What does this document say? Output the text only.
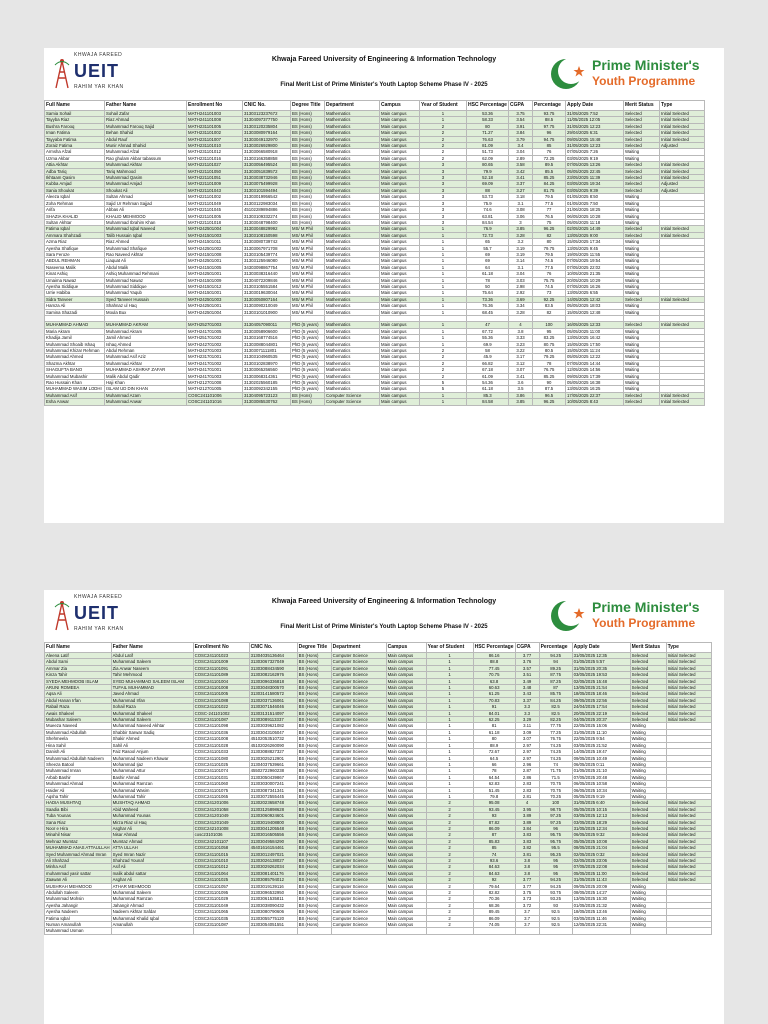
KHWAJA FAREED
UEIT
RAHIM YAR KHAN
Khwaja Fareed University of Engineering & Information Technology
Final Merit List of Prime Minister's Youth Laptop Scheme Phase IV - 2025
Prime Minister's
Youth Programme
Full Name	Father Name	Enrollment No	CNIC No.	Degree Title	Department	Campus	Year of Student	HSC Percentage	CGPA	Percentage	Apply Date	Merit Status	Type
Samia Sohail	Sohail Zafar	MATH241101003	31303123237672	BS (Hons)	Mathematics	Main campus	1	53.36	3.75	93.75	31/05/2025 7:52	Selected	Initial Selected
Tayyba Riaz	Riaz Ahmad	MATH241101008	31304097377750	BS (Hons)	Mathematics	Main campus	1	58.33	3.54	88.5	11/05/2025 12:05	Selected	Initial Selected
Bushra Farooq	Muhammad Farooq Sajid	MATH231101005	31303120235804	BS (Hons)	Mathematics	Main campus	2	80	3.91	97.75	31/05/2025 12:23	Selected	Initial Selected
Iman Fatima	Behan Shahid	MATH231101002	31303080979164	BS (Hons)	Mathematics	Main campus	2	71.27	3.84	96	29/04/2025 6:31	Selected	Initial Selected
Tayyaba Fatima	Abdul Rauf	MATH231101007	31303049132970	BS (Hons)	Mathematics	Main campus	2	76.63	3.79	94.75	09/05/2025 15:48	Selected	Initial Selected
Zoraiz Fatima	Munir Ahmad Shahid	MATH231101010	31303026929800	BS (Hons)	Mathematics	Main campus	2	81.09	3.4	85	31/05/2025 12:23	Selected	Adjusted
Armsha Afzal	Muhammad Afzal	MATH231101012	31303066580918	BS (Hons)	Mathematics	Main campus	2	51.73	3.04	76	07/05/2025 7:26	Waiting	
Uzma Akbar	Rao ghulam Akbar tabassum	MATH231101016	31303166358858	BS (Hons)	Mathematics	Main campus	2	62.09	2.89	72.25	03/05/2025 9:19	Waiting	
Attia Akhtar	Muhammad Akhtar	MATH221101027	31303056495524	BS (Hons)	Mathematics	Main campus	3	80.65	3.58	89.5	07/05/2025 13:26	Selected	Initial Selected
Adba Tariq	Tariq Mahmood	MATH221101050	31303051839572	BS (Hons)	Mathematics	Main campus	3	79.9	3.42	85.5	05/05/2025 22:45	Selected	Initial Selected
Ikhtaam Qasim	Muhammad Qasim	MATH221101051	31303038732946	BS (Hons)	Mathematics	Main campus	3	52.18	3.41	85.25	23/05/2025 11:39	Selected	Initial Selected
Kubba Amjad	Muhammad Amjad	MATH221101009	31303075499928	BS (Hons)	Mathematics	Main campus	3	69.09	3.37	84.25	03/05/2025 19:34	Selected	Adjusted
Sania Shoukat	Shoukat Ali	MATH221101043	31303101594494	BS (Hons)	Mathematics	Main campus	3	88	3.27	81.75	03/05/2025 9:39	Selected	Adjusted
Aleeza Iqbal	Sultan Ahmad	MATH221101002	31303019956542	BS (Hons)	Mathematics	Main campus	3	53.73	3.18	79.5	01/05/2025 8:50	Waiting	
Zoha Rehman	Sajid Ur Rehman Sajjad	MATH221101049	31303122983034	BS (Hons)	Mathematics	Main campus	3	75.9	3.1	77.5	01/05/2025 7:50	Waiting	
Arifa	Abbas Ali	MATH221101045	45102289894886	BS (Hons)	Mathematics	Main campus	3	74.6	3.08	77	21/06/2025 18:25	Waiting	
SHAZIA KHALID	KHALID MEHMOOD	MATH221101005	31303109332274	BS (Hons)	Mathematics	Main campus	3	63.81	3.06	76.5	06/05/2025 10:28	Waiting	
Sultan Akhtar	Muhammad Ibrahim Khan	MATH221101018	31303048798400	BS (Hons)	Mathematics	Main campus	3	84.54	3	75	05/05/2025 11:18	Waiting	
Fatima Iqbal	Muhammad Iqbal Naveed	MATH242501004	31303048829992	MS/ M.Phil	Mathematics	Main campus	1	76.9	3.85	96.25	02/05/2025 14:49	Selected	Initial Selected
Ammara Shahzadi	Talib Hussain Iqbal	MATH241501003	31303108150598	MS/ M.Phil	Mathematics	Main campus	1	72.73	3.28	82	13/05/2025 9:00	Selected	Initial Selected
Azma Riaz	Riaz Ahmed	MATH241501011	31303080739742	MS/ M.Phil	Mathematics	Main campus	1	65	3.2	80	15/05/2025 17:34	Waiting	
Ayesha Shafique	Muhammad Shafique	MATH242501002	31303067971708	MS/ M.Phil	Mathematics	Main campus	1	55.7	3.19	79.75	13/05/2025 9:45	Waiting	
Sara Feroze	Rao Naveed Akhtar	MATH241501008	31303105439774	MS/ M.Phil	Mathematics	Main campus	1	69	3.19	79.5	19/05/2025 11:55	Waiting	
ABDUL REHMAN	Liaquat Ali	MATH242501001	31303125946080	MS/ M.Phil	Mathematics	Main campus	1	69	3.14	74.5	07/05/2025 19:54	Waiting	
Naseema Malik	Abdul Malik	MATH241501005	34303098867754	MS/ M.Phil	Mathematics	Main campus	1	64	3.1	77.5	07/05/2025 22:02	Waiting	
Kinat Ashiq	Ashiq Muhammad Rehmani	MATH242501001	31303038316440	MS/ M.Phil	Mathematics	Main campus	1	61.18	3.04	76	10/05/2025 21:35	Waiting	
Umaima Nawaz	Muhammad Nawaz	MATH241501009	31304072209846	MS/ M.Phil	Mathematics	Main campus	1	78	3.03	75.75	20/05/2025 10:29	Waiting	
Ayesha Siddique	Muhammad Siddique	MATH241501012	31303105551584	MS/ M.Phil	Mathematics	Main campus	1	50	2.98	74.5	07/05/2025 16:26	Waiting	
Urrie Habiba	Muhammad Yaqub	MATH241501001	31303019630044	MS/ M.Phil	Mathematics	Main campus	1	75.64	2.92	73	13/05/2025 6:55	Waiting	
Sidra Tanveer	Syed Tanveer Hussain	MATH242501003	31303050807164	MS/ M.Phil	Mathematics	Main campus	1	73.36	3.69	92.25	14/05/2025 12:42	Selected	Initial Selected
Hamza Ali	Shahnaz ul Haq	MATH242501001	31303090210049	MS/ M.Phil	Mathematics	Main campus	1	76.36	3.34	83.5	05/05/2025 18:03	Waiting	
Samina Shazadi	Moula Bux	MATH242501004	31303101010900	MS/ M.Phil	Mathematics	Main campus	1	68.45	3.28	82	15/05/2025 12:48	Waiting	

MUHAMMAD AHMAD	MUHAMMAD AKRAM	MATH252701003	31304057090011	PhD (5 years)	Mathematics	Main campus	1	47	4	100	16/05/2025 12:33	Selected	Initial Selected
Maria Akram	Muhammad Akram	MATH241701005	31303058906600	PhD (5 years)	Mathematics	Main campus	1	67.72	3.8	95	05/05/2025 11:00	Waiting	
Khadija Jamil	Jamil Ahmed	MATH251701002	31303168774516	PhD (5 years)	Mathematics	Main campus	1	55.36	3.33	83.25	13/05/2025 16:42	Waiting	
Muhammad Shoaib Ishaq	Ishaq Ahmed	MATH242701002	31303088044801	PhD (5 years)	Mathematics	Main campus	1	69.9	3.23	80.75	15/05/2025 17:50	Waiting	
Muhammad Khizar Rehman	Abdul Rehman	MATH242701003	31303071111801	PhD (5 years)	Mathematics	Main campus	2	58	3.22	80.5	15/05/2025 11:24	Waiting	
Muhammad Ahmed	Muhammad Asif Aziz	MATH231701001	31303104960535	PhD (5 years)	Mathematics	Main campus	2	45.9	3.17	79.25	05/05/2025 12:22	Waiting	
Shazma Akhtar	Muhammad Akhtar	MATH241701002	31303102838970	PhD (5 years)	Mathematics	Main campus	2	66.82	3.12	78	07/05/2025 14:44	Waiting	
SHAGUFTA BANO	MUHAMMAD ASHRAF ZAFAR	MATH241701001	31303065256560	PhD (5 years)	Mathematics	Main campus	2	67.18	3.07	76.75	12/05/2025 14:56	Waiting	
Muhammad Mubashir	Malik Abdul Qadir	MATH241701003	31303068314361	PhD (5 years)	Mathematics	Main campus	2	61.09	3.41	85.25	09/05/2025 17:39	Waiting	
Rao Hussain Khan	Haji Khan	MATH212701008	31302025560185	PhD (5 years)	Mathematics	Main campus	5	54.36	3.6	90	05/05/2025 16:38	Waiting	
MUHAMMAD WASIM LODHI	ISLAM UD DIN KHAN	MATH212701005	31303092342155	PhD (5 years)	Mathematics	Main campus	5	61.18	3.5	87.5	13/05/2025 16:25	Waiting	
Muhammad Asif	Muhammad Azam	COSC241101006	31304095723123	BS (Hons)	Computer Science	Main campus	1	85.3	3.86	96.5	17/05/2025 22:37	Selected	Initial Selected
Esha Anwar	Muhammad Anwar	COSC241101016	31303085530762	BS (Hons)	Computer Science	Main campus	1	84.58	3.85	96.25	10/05/2025 8:43	Selected	Initial Selected
KHWAJA FAREED
UEIT
RAHIM YAR KHAN
Khwaja Fareed University of Engineering & Information Technology
Final Merit List of Prime Minister's Youth Laptop Scheme Phase IV - 2025
Prime Minister's
Youth Programme
Full Name	Father Name	Enrollment No	CNIC No.	Degree Title	Department	Campus	Year of Student	HSC Percentage	CGPA	Percentage	Apply Date	Merit Status	Type
Aleena Latif	Abdul Latif	COSC241101023	31304035136464	BS (Hons)	Computer Science	Main campus	1	86.16	3.77	94.25	31/05/2025 12:35	Selected	Initial Selected
Abdul Sami	Muhammad Saleem	COSC241101009	31303067327049	BS (Hons)	Computer Science	Main campus	1	88.8	3.76	94	01/05/2025 5:57	Selected	Initial Selected
Ammar Zia	Zia Anwar Naseem	COSC241101091	31303088434590	BS (Hons)	Computer Science	Main campus	1	77.45	3.57	89.25	31/05/2025 20:35	Selected	Initial Selected
Kinza Tahir	Tahir Mehmood	COSC241101089	31303082162976	BS (Hons)	Computer Science	Main campus	1	70.75	3.51	87.75	03/05/2025 19:53	Selected	Initial Selected
SYEDA MEHMOOB ISLAM	SYED MUHAMMAD SALEEM ISLAM	COSC241101004	31303096336818	BS (Hons)	Computer Science	Main campus	1	63.8	3.49	87.25	02/05/2025 15:48	Selected	Initial Selected
ARUNI ROMEEA	TUFAIL MUHAMMAD	COSC241101008	31303048300570	BS (Hons)	Computer Science	Main campus	1	60.63	3.48	87	13/05/2025 21:54	Selected	Initial Selected
Aqsa Ali	Javed Ahmad	COSC241101005	31303141580572	BS (Hons)	Computer Science	Main campus	1	61.25	3.43	85.75	18/05/2025 18:46	Selected	Initial Selected
Abdul Hanan Irfan	Muhammad Irfan	COSC241101088	31302037136061	BS (Hons)	Computer Science	Main campus	1	70.83	3.37	84.25	09/05/2025 22:56	Selected	Initial Selected
Rabail Raza	Sohail Raza	COSC241101022	31303071546046	BS (Hons)	Computer Science	Main campus	1	91	3.3	82.5	24/04/2025 17:54	Selected	Initial Selected
Awais Shakeel	Muhammad Shakeel	COSC-241101002	31303131514097	BS (Hons)	Computer Science	Main campus	1	84.01	3.3	82.5	20/05/2025 22:19	Selected	Initial Selected
Mubashar Saleem	Muhammad Saleem	COSC241101087	31303089113337	BS (Hons)	Computer Science	Main campus	1	62.25	3.29	82.25	04/05/2025 20:37	Selected	Initial Selected
Mueeza Naveed	Muhammad Naveed Akhtar	COSC241101098	31303039621082	BS (Hons)	Computer Science	Main campus	1	81	3.11	77.75	22/05/2025 15:06	Waiting	
Muhammad Abdullah	Shabbir Sarwar Sadiq	COSC241101036	31303043105047	BS (Hons)	Computer Science	Main campus	1	61.18	3.09	77.25	31/05/2025 11:10	Waiting	
Shehmeela	Shakir Ahmed	COSC241101008	45102053510732	BS (Hons)	Computer Science	Main campus	1	80	3.07	76.75	22/05/2025 9:54	Waiting	
Hina Sahil	Sahil Ali	COSC241101028	45102026260090	BS (Hons)	Computer Science	Main campus	1	88.9	2.97	74.25	03/05/2025 21:52	Waiting	
Danish Ali	Faiz Rasool Anjum	COSC241101033	31303088827327	BS (Hons)	Computer Science	Main campus	1	72.67	2.97	74.25	14/05/2025 19:47	Waiting	
Muhammad Abdullah Nadeem	Muhammad Nadeem Khawar	COSC241101080	31303025212901	BS (Hons)	Computer Science	Main campus	1	64.5	2.97	74.25	09/05/2025 10:49	Waiting	
Sheeza Batool	Mohammad Ijaz	COSC241101025	31304037539661	BS (Hons)	Computer Science	Main campus	1	66	2.96	74	06/05/2025 0:11	Waiting	
Muhammad Imran	Muhammad Attur	COSC241101074	45502722960238	BS (Hons)	Computer Science	Main campus	1	78	2.87	71.75	01/05/2025 21:10	Waiting	
Arbab Bashir	Bashir Ahmad	COSC241101031	31303050439867	BS (Hons)	Computer Science	Main campus	1	64.54	2.86	71.5	07/05/2025 20:48	Waiting	
Muhammad Ahmad	Muhammad Ramzan	COSC241101060	31303030007241	BS (Hons)	Computer Science	Main campus	1	62.83	2.83	70.75	06/05/2025 10:58	Waiting	
Haider Ali	Muhammad Wasim	COSC241101075	31303087341341	BS (Hons)	Computer Science	Main campus	1	51.45	2.83	70.75	06/05/2025 10:34	Waiting	
Aqsha Tahir	Muhammad Tahir	COSC241101065	31303072555445	BS (Hons)	Computer Science	Main campus	1	79.8	2.81	70.25	05/05/2025 9:19	Waiting	
HADIA MUSHTAQ	MUSHTAQ AHMAD	COSC241201006	31302023658748	BS (Hons)	Computer Science	Main campus	2	95.08	4	100	31/05/2025 6:40	Selected	Initial Selected
Saadia Bibi	Abid Waheed	COSC241201058	31303125898628	BS (Hons)	Computer Science	Main campus	2	93.45	3.95	98.75	05/05/2025 10:15	Selected	Initial Selected
Tuba Younas	Muhammad Younas	COSC241201049	31303060924601	BS (Hons)	Computer Science	Main campus	2	93	3.89	97.25	03/05/2025 12:13	Selected	Initial Selected
Sana Riaz	Mirza Riaz ul Haq	COSC241201049	31303019408800	BS (Hons)	Computer Science	Main campus	2	87.82	3.89	97.25	03/05/2025 18:29	Selected	Initial Selected
Noor e Hira	Asghar Ali	COSC242101008	31303041205548	BS (Hons)	Computer Science	Main campus	2	86.09	3.84	96	31/05/2025 12:34	Selected	Initial Selected
Minahil Nisar	Nisar Ahmad	cosc23101036	31303016505556	BS (Hons)	Computer Science	Main campus	2	87	3.83	95.75	06/05/2025 9:32	Selected	Initial Selected
Mehnaz Mumtaz	Mumtaz Ahmad	COSC242101107	31303049584290	BS (Hons)	Computer Science	Main campus	2	85.83	3.83	95.75	05/05/2025 10:08	Selected	Initial Selected
MUHAMMAD ANAS ATTAULLAH	ATTA ULLAH	COSC231101058	45401616154461	BS (Hons)	Computer Science	Main campus	2	85	3.82	95.5	08/05/2025 21:04	Selected	Initial Selected
Syed Muhammad Ahmad Imran	Syed Imran Nazir	COSC241101015	31303012497021	BS (Hons)	Computer Science	Main campus	2	74	3.81	95.25	02/05/2025 0:32	Selected	Initial Selected
Ali Shahzad	Shahzad Younaf	COSC241101010	31303026138027	BS (Hons)	Computer Science	Main campus	2	93.6	3.8	95	02/05/2025 23:06	Selected	Initial Selected
Minha Asif	Asif Ali	COSC241101012	31303029262034	BS (Hons)	Computer Science	Main campus	2	84.63	3.8	95	07/05/2025 22:08	Selected	Initial Selected
muhammad yasir sattar	malik abdul sattar	COSC241101064	31303081401176	BS (Hons)	Computer Science	Main campus	2	84.63	3.8	95	05/05/2025 11:00	Selected	Initial Selected
Zaawan Ali	Asghar Ali	COSC241101025	31303085794012	BS (Hons)	Computer Science	Main campus	2	92	3.77	94.25	31/05/2025 11:43	Selected	Initial Selected
MUSHRAH MEHMOOD	ATHAR MEHMOOD	COSC241101057	31303019139116	BS (Hons)	Computer Science	Main campus	2	79.64	3.77	94.25	09/05/2025 20:09	Waiting	
Abdullah Saleem	Muhammad Saleem	COSC231101095	31303096532950	BS (Hons)	Computer Science	Main campus	2	82.82	3.75	93.75	08/05/2025 14:27	Waiting	
Muhammad Mohsin	Muhammad Ramzan	COSC231101029	31303061535811	BS (Hons)	Computer Science	Main campus	2	70.36	3.73	93.25	13/05/2025 15:30	Waiting	
Ayesha Jahangir	Jahangir Ahmad	COSC231101049	31303038090432	BS (Hons)	Computer Science	Main campus	2	68.36	3.72	93	01/05/2025 21:32	Waiting	
Ayesha Nadeem	Nadeem Akhtar Safdar	COSC241101065	31303080790606	BS (Hons)	Computer Science	Main campus	2	89.45	3.7	92.5	18/05/2025 13:46	Waiting	
Fatima Iqbal	Muhammad Khalid Iqbal	COSC241101035	31303055775120	BS (Hons)	Computer Science	Main campus	2	86.09	3.7	92.5	03/05/2025 11:46	Waiting	
Numan Amanullah	Amanullah	COSC231101087	31303054051551	BS (Hons)	Computer Science	Main campus	2	74.05	3.7	92.5	12/05/2025 22:31	Waiting	
Muhammad Usman													
